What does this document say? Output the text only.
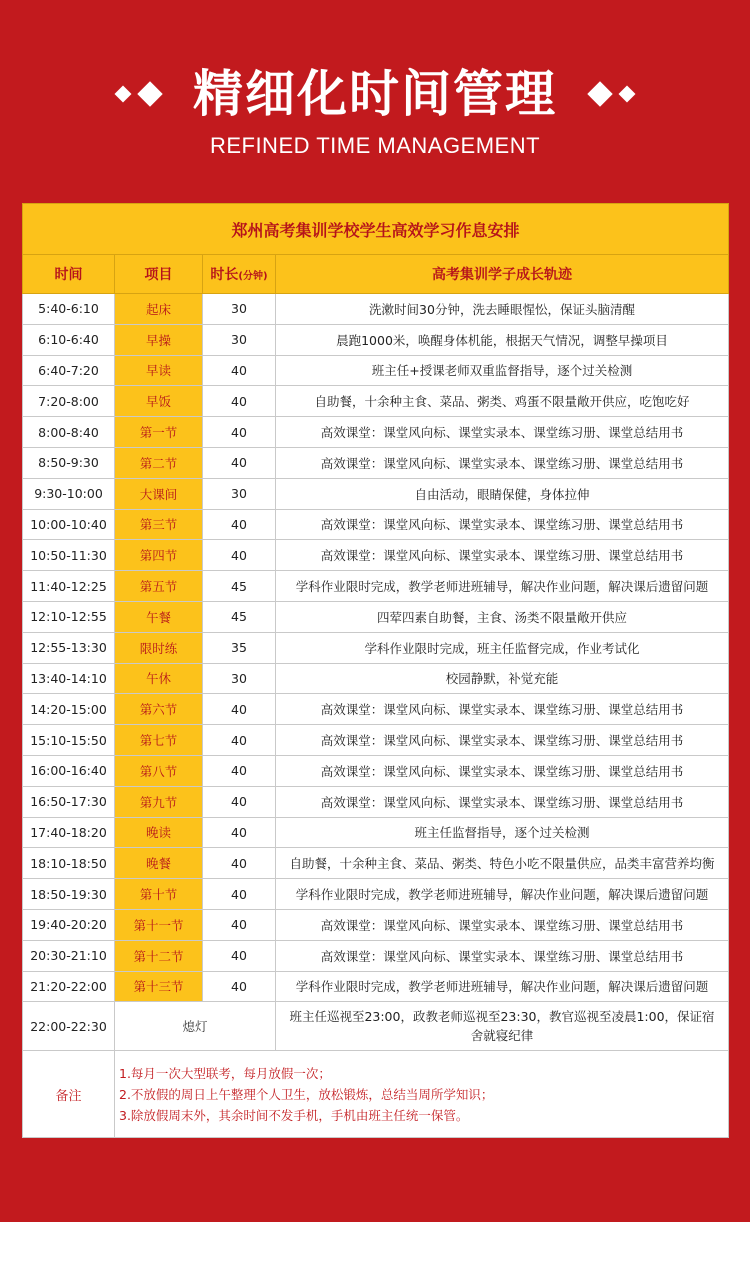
精细化时间管理
REFINED TIME MANAGEMENT
郑州高考集训学校学生高效学习作息安排			
时间	项目	时长(分钟)	高考集训学子成长轨迹
5:40-6:10	起床	30	洗漱时间30分钟，洗去睡眼惺忪，保证头脑清醒
6:10-6:40	早操	30	晨跑1000米，唤醒身体机能，根据天气情况，调整早操项目
6:40-7:20	早读	40	班主任+授课老师双重监督指导，逐个过关检测
7:20-8:00	早饭	40	自助餐，十余种主食、菜品、粥类、鸡蛋不限量敞开供应，吃饱吃好
8:00-8:40	第一节	40	高效课堂：课堂风向标、课堂实录本、课堂练习册、课堂总结用书
8:50-9:30	第二节	40	高效课堂：课堂风向标、课堂实录本、课堂练习册、课堂总结用书
9:30-10:00	大课间	30	自由活动，眼睛保健，身体拉伸
10:00-10:40	第三节	40	高效课堂：课堂风向标、课堂实录本、课堂练习册、课堂总结用书
10:50-11:30	第四节	40	高效课堂：课堂风向标、课堂实录本、课堂练习册、课堂总结用书
11:40-12:25	第五节	45	学科作业限时完成，教学老师进班辅导，解决作业问题，解决课后遗留问题
12:10-12:55	午餐	45	四荤四素自助餐，主食、汤类不限量敞开供应
12:55-13:30	限时练	35	学科作业限时完成，班主任监督完成，作业考试化
13:40-14:10	午休	30	校园静默，补觉充能
14:20-15:00	第六节	40	高效课堂：课堂风向标、课堂实录本、课堂练习册、课堂总结用书
15:10-15:50	第七节	40	高效课堂：课堂风向标、课堂实录本、课堂练习册、课堂总结用书
16:00-16:40	第八节	40	高效课堂：课堂风向标、课堂实录本、课堂练习册、课堂总结用书
16:50-17:30	第九节	40	高效课堂：课堂风向标、课堂实录本、课堂练习册、课堂总结用书
17:40-18:20	晚读	40	班主任监督指导，逐个过关检测
18:10-18:50	晚餐	40	自助餐，十余种主食、菜品、粥类、特色小吃不限量供应，品类丰富营养均衡
18:50-19:30	第十节	40	学科作业限时完成，教学老师进班辅导，解决作业问题，解决课后遗留问题
19:40-20:20	第十一节	40	高效课堂：课堂风向标、课堂实录本、课堂练习册、课堂总结用书
20:30-21:10	第十二节	40	高效课堂：课堂风向标、课堂实录本、课堂练习册、课堂总结用书
21:20-22:00	第十三节	40	学科作业限时完成，教学老师进班辅导，解决作业问题，解决课后遗留问题
22:00-22:30	熄灯		班主任巡视至23:00，政教老师巡视至23:30，教官巡视至凌晨1:00，保证宿舍就寝纪律
备注	1.每月一次大型联考，每月放假一次；
2.不放假的周日上午整理个人卫生，放松锻炼，总结当周所学知识；
3.除放假周末外，其余时间不发手机，手机由班主任统一保管。		
